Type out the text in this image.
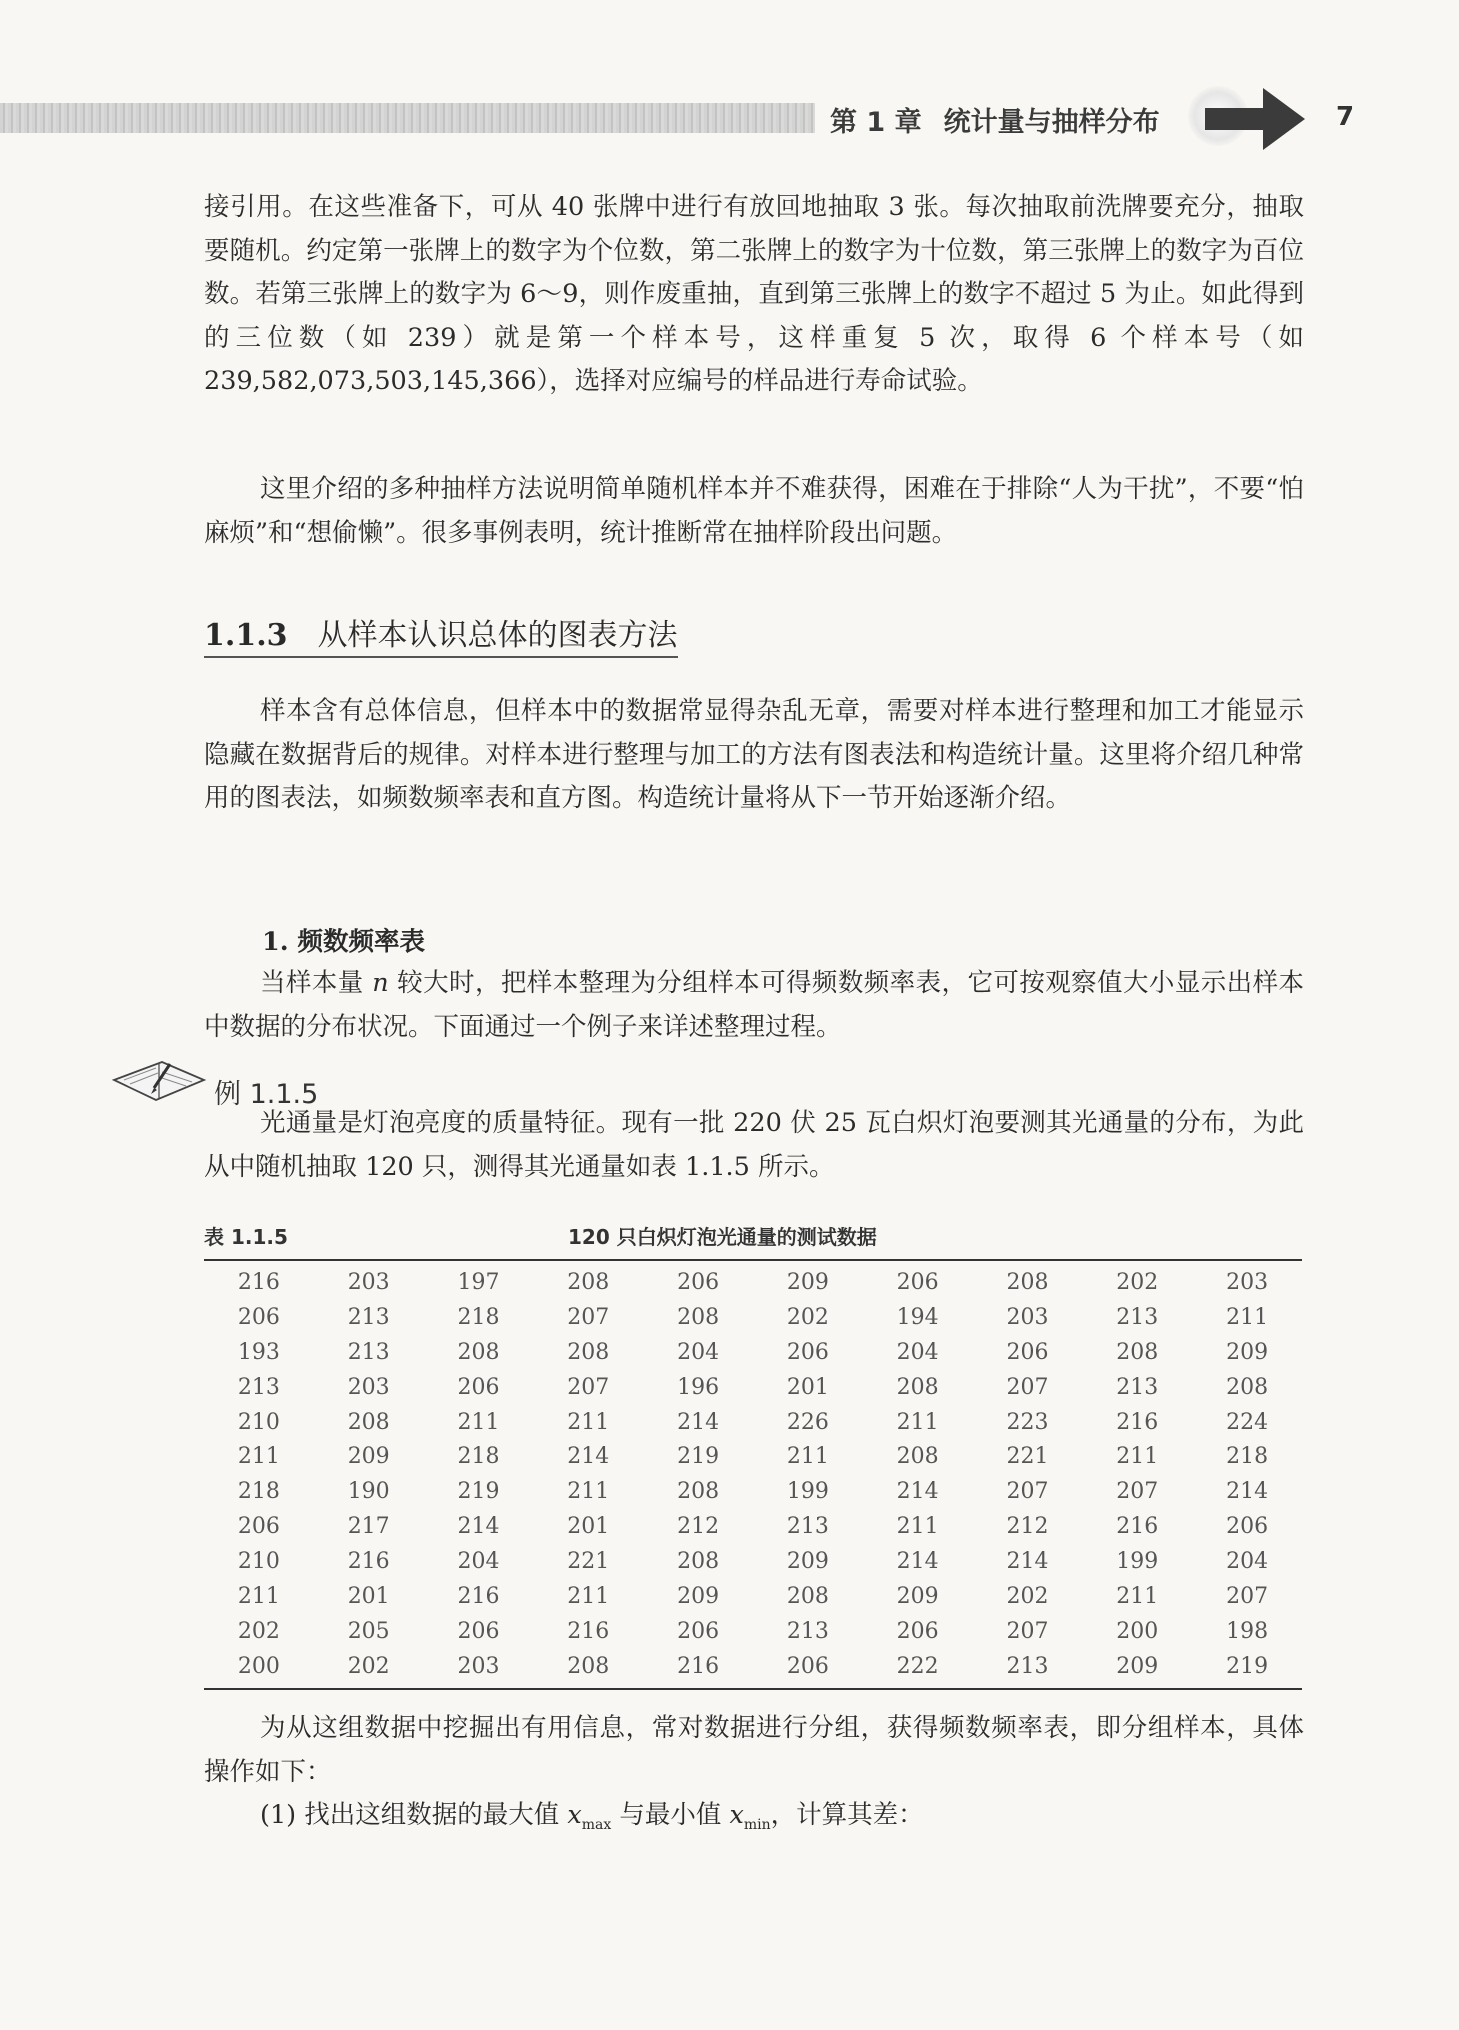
第 1 章 统计量与抽样分布	7

接引用。在这些准备下，可从 40 张牌中进行有放回地抽取 3 张。每次抽取前洗牌要充分，抽取要随机。约定第一张牌上的数字为个位数，第二张牌上的数字为十位数，第三张牌上的数字为百位数。若第三张牌上的数字为 6～9，则作废重抽，直到第三张牌上的数字不超过 5 为止。如此得到的三位数（如 239）就是第一个样本号，这样重复 5 次，取得 6 个样本号（如 239,582,073,503,145,366），选择对应编号的样品进行寿命试验。

这里介绍的多种抽样方法说明简单随机样本并不难获得，困难在于排除“人为干扰”，不要“怕麻烦”和“想偷懒”。很多事例表明，统计推断常在抽样阶段出问题。

1.1.3 从样本认识总体的图表方法

样本含有总体信息，但样本中的数据常显得杂乱无章，需要对样本进行整理和加工才能显示隐藏在数据背后的规律。对样本进行整理与加工的方法有图表法和构造统计量。这里将介绍几种常用的图表法，如频数频率表和直方图。构造统计量将从下一节开始逐渐介绍。

1. 频数频率表

当样本量 n 较大时，把样本整理为分组样本可得频数频率表，它可按观察值大小显示出样本中数据的分布状况。下面通过一个例子来详述整理过程。

例 1.1.5

光通量是灯泡亮度的质量特征。现有一批 220 伏 25 瓦白炽灯泡要测其光通量的分布，为此从中随机抽取 120 只，测得其光通量如表 1.1.5 所示。

表 1.1.5	120 只白炽灯泡光通量的测试数据
216	203	197	208	206	209	206	208	202	203
206	213	218	207	208	202	194	203	213	211
193	213	208	208	204	206	204	206	208	209
213	203	206	207	196	201	208	207	213	208
210	208	211	211	214	226	211	223	216	224
211	209	218	214	219	211	208	221	211	218
218	190	219	211	208	199	214	207	207	214
206	217	214	201	212	213	211	212	216	206
210	216	204	221	208	209	214	214	199	204
211	201	216	211	209	208	209	202	211	207
202	205	206	216	206	213	206	207	200	198
200	202	203	208	216	206	222	213	209	219

为从这组数据中挖掘出有用信息，常对数据进行分组，获得频数频率表，即分组样本，具体操作如下：

(1) 找出这组数据的最大值 $x_{max}$ 与最小值 $x_{min}$，计算其差：
